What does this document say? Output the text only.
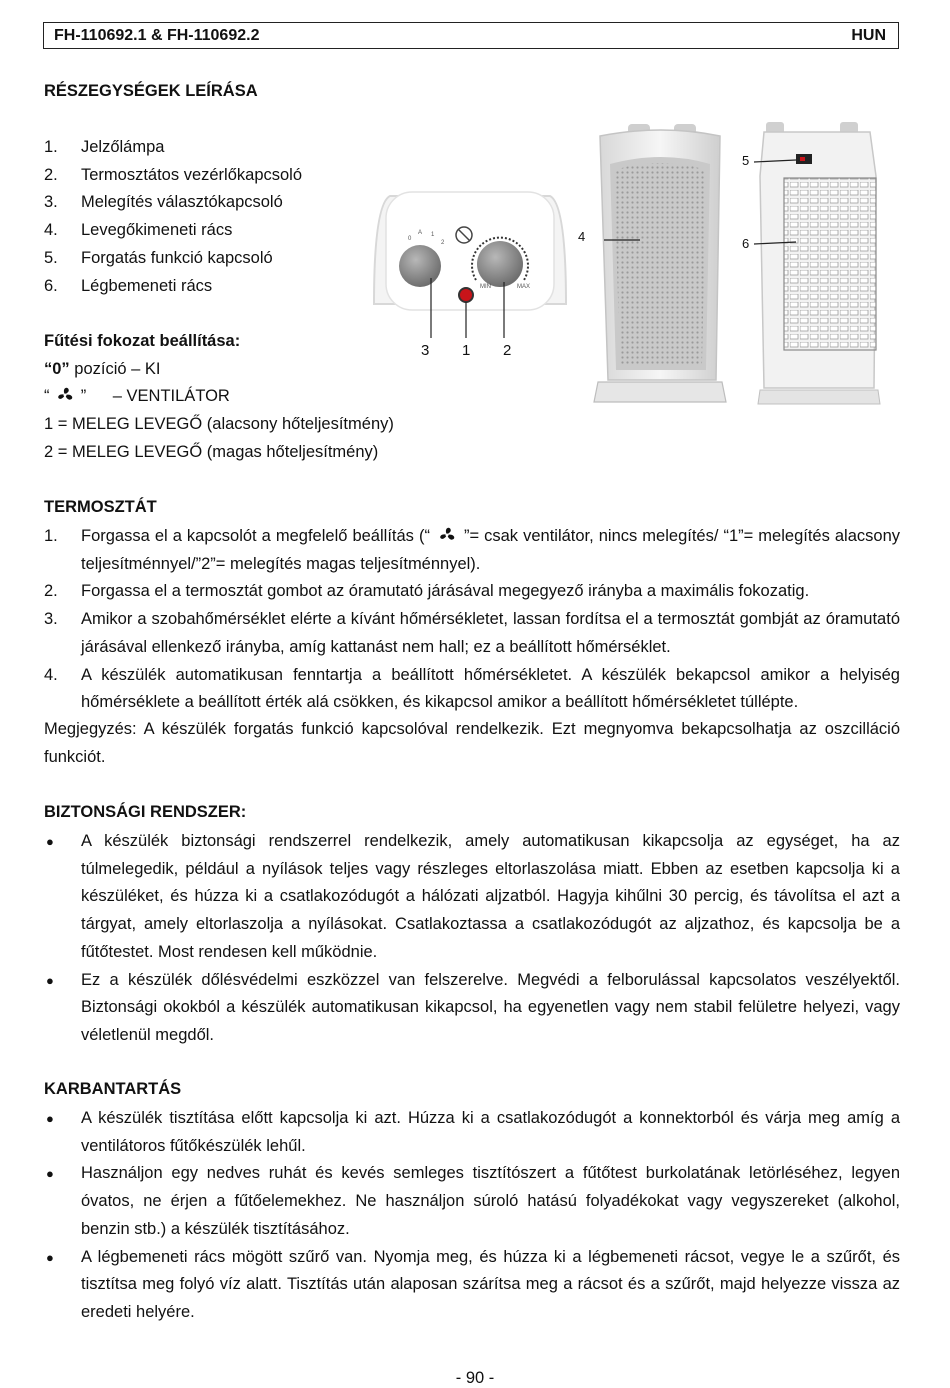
FH-110692.1 & FH-110692.2	HUN
RÉSZEGYSÉGEK LEÍRÁSA
1.	Jelzőlámpa
2.	Termosztátos vezérlőkapcsoló
3.	Melegítés választókapcsoló
4.	Levegőkimeneti rács
5.	Forgatás funkció kapcsoló
6.	Légbemeneti rács
Fűtési fokozat beállítása:
“0” pozíció – KI
“ ” – VENTILÁTOR
1 = MELEG LEVEGŐ (alacsony hőteljesítmény)
2 = MELEG LEVEGŐ (magas hőteljesítmény)
0
A 1
2
MIN	MAX
3 1 2
4
5
6
TERMOSZTÁT
1.	Forgassa el a kapcsolót a megfelelő beállítás (“ ”= csak ventilátor, nincs melegítés/ “1”= melegítés alacsony teljesítménnyel/”2”= melegítés magas teljesítménnyel).
2.	Forgassa el a termosztát gombot az óramutató járásával megegyező irányba a maximális fokozatig.
3.	Amikor a szobahőmérséklet elérte a kívánt hőmérsékletet, lassan fordítsa el a termosztát gombját az óramutató járásával ellenkező irányba, amíg kattanást nem hall; ez a beállított hőmérséklet.
4.	A készülék automatikusan fenntartja a beállított hőmérsékletet. A készülék bekapcsol amikor a helyiség hőmérséklete a beállított érték alá csökken, és kikapcsol amikor a beállított hőmérsékletet túllépte.
Megjegyzés: A készülék forgatás funkció kapcsolóval rendelkezik. Ezt megnyomva bekapcsolhatja az oszcilláció funkciót.
BIZTONSÁGI RENDSZER:
●	A készülék biztonsági rendszerrel rendelkezik, amely automatikusan kikapcsolja az egységet, ha az túlmelegedik, például a nyílások teljes vagy részleges eltorlaszolása miatt. Ebben az esetben kapcsolja ki a készüléket, és húzza ki a csatlakozódugót a hálózati aljzatból. Hagyja kihűlni 30 percig, és távolítsa el azt a tárgyat, amely eltorlaszolja a nyílásokat. Csatlakoztassa a csatlakozódugót az aljzathoz, és kapcsolja be a fűtőtestet. Most rendesen kell működnie.
●	Ez a készülék dőlésvédelmi eszközzel van felszerelve. Megvédi a felborulással kapcsolatos veszélyektől. Biztonsági okokból a készülék automatikusan kikapcsol, ha egyenetlen vagy nem stabil felületre helyezi, vagy véletlenül megdől.
KARBANTARTÁS
●	A készülék tisztítása előtt kapcsolja ki azt. Húzza ki a csatlakozódugót a konnektorból és várja meg amíg a ventilátoros fűtőkészülék lehűl.
●	Használjon egy nedves ruhát és kevés semleges tisztítószert a fűtőtest burkolatának letörléséhez, legyen óvatos, ne érjen a fűtőelemekhez. Ne használjon súroló hatású folyadékokat vagy vegyszereket (alkohol, benzin stb.) a készülék tisztításához.
●	A légbemeneti rács mögött szűrő van. Nyomja meg, és húzza ki a légbemeneti rácsot, vegye le a szűrőt, és tisztítsa meg folyó víz alatt. Tisztítás után alaposan szárítsa meg a rácsot és a szűrőt, majd helyezze vissza az eredeti helyére.
- 90 -
